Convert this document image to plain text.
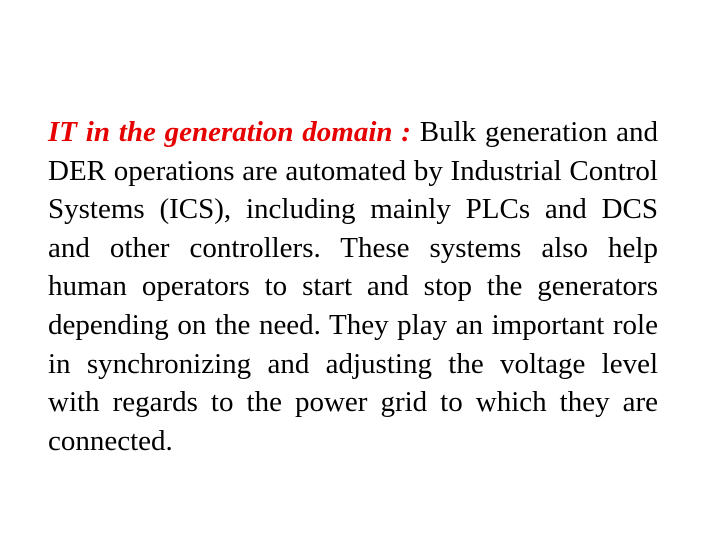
IT in the generation domain : Bulk generation and DER operations are automated by Industrial Control Systems (ICS), including mainly PLCs and DCS and other controllers. These systems also help human operators to start and stop the generators depending on the need. They play an important role in synchronizing and adjusting the voltage level with regards to the power grid to which they are connected.
